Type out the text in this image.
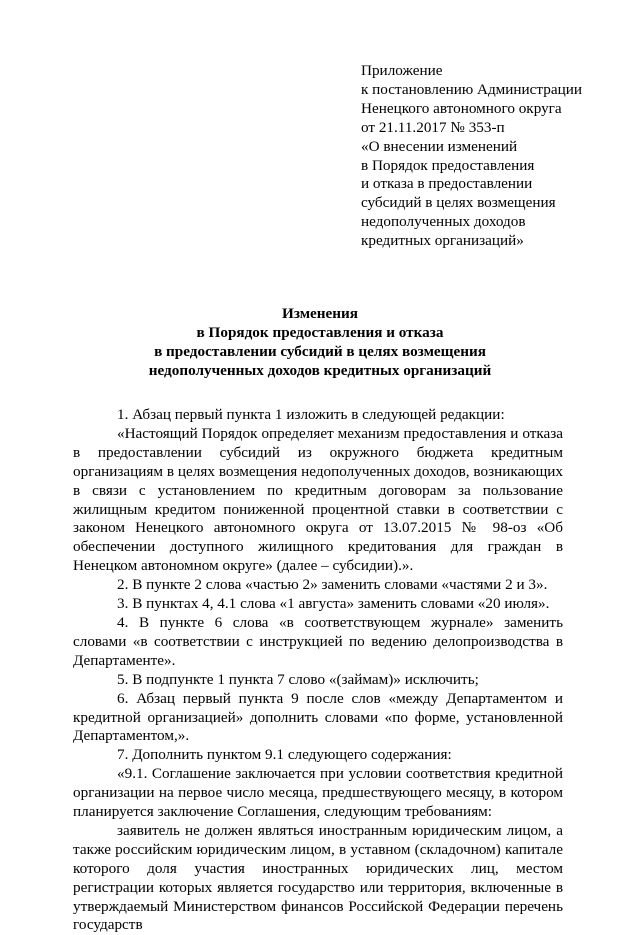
Приложение
к постановлению Администрации
Ненецкого автономного округа
от 21.11.2017 № 353-п
«О внесении изменений
в Порядок предоставления
и отказа в предоставлении
субсидий в целях возмещения
недополученных доходов
кредитных организаций»
Изменения
в Порядок предоставления и отказа
в предоставлении субсидий в целях возмещения
недополученных доходов кредитных организаций

1. Абзац первый пункта 1 изложить в следующей редакции:

«Настоящий Порядок определяет механизм предоставления и отказа в предоставлении субсидий из окружного бюджета кредитным организациям в целях возмещения недополученных доходов, возникающих в связи с установлением по кредитным договорам за пользование жилищным кредитом пониженной процентной ставки в соответствии с законом Ненецкого автономного округа от 13.07.2015 № 98-оз «Об обеспечении доступного жилищного кредитования для граждан в Ненецком автономном округе» (далее – субсидии).».

2. В пункте 2 слова «частью 2» заменить словами «частями 2 и 3».

3. В пунктах 4, 4.1 слова «1 августа» заменить словами «20 июля».

4. В пункте 6 слова «в соответствующем журнале» заменить словами «в соответствии с инструкцией по ведению делопроизводства в Департаменте».

5. В подпункте 1 пункта 7 слово «(займам)» исключить;

6. Абзац первый пункта 9 после слов «между Департаментом и кредитной организацией» дополнить словами «по форме, установленной Департаментом,».

7. Дополнить пунктом 9.1 следующего содержания:

«9.1. Соглашение заключается при условии соответствия кредитной организации на первое число месяца, предшествующего месяцу, в котором планируется заключение Соглашения, следующим требованиям:

заявитель не должен являться иностранным юридическим лицом, а также российским юридическим лицом, в уставном (складочном) капитале которого доля участия иностранных юридических лиц, местом регистрации которых является государство или территория, включенные в утверждаемый Министерством финансов Российской Федерации перечень государств
